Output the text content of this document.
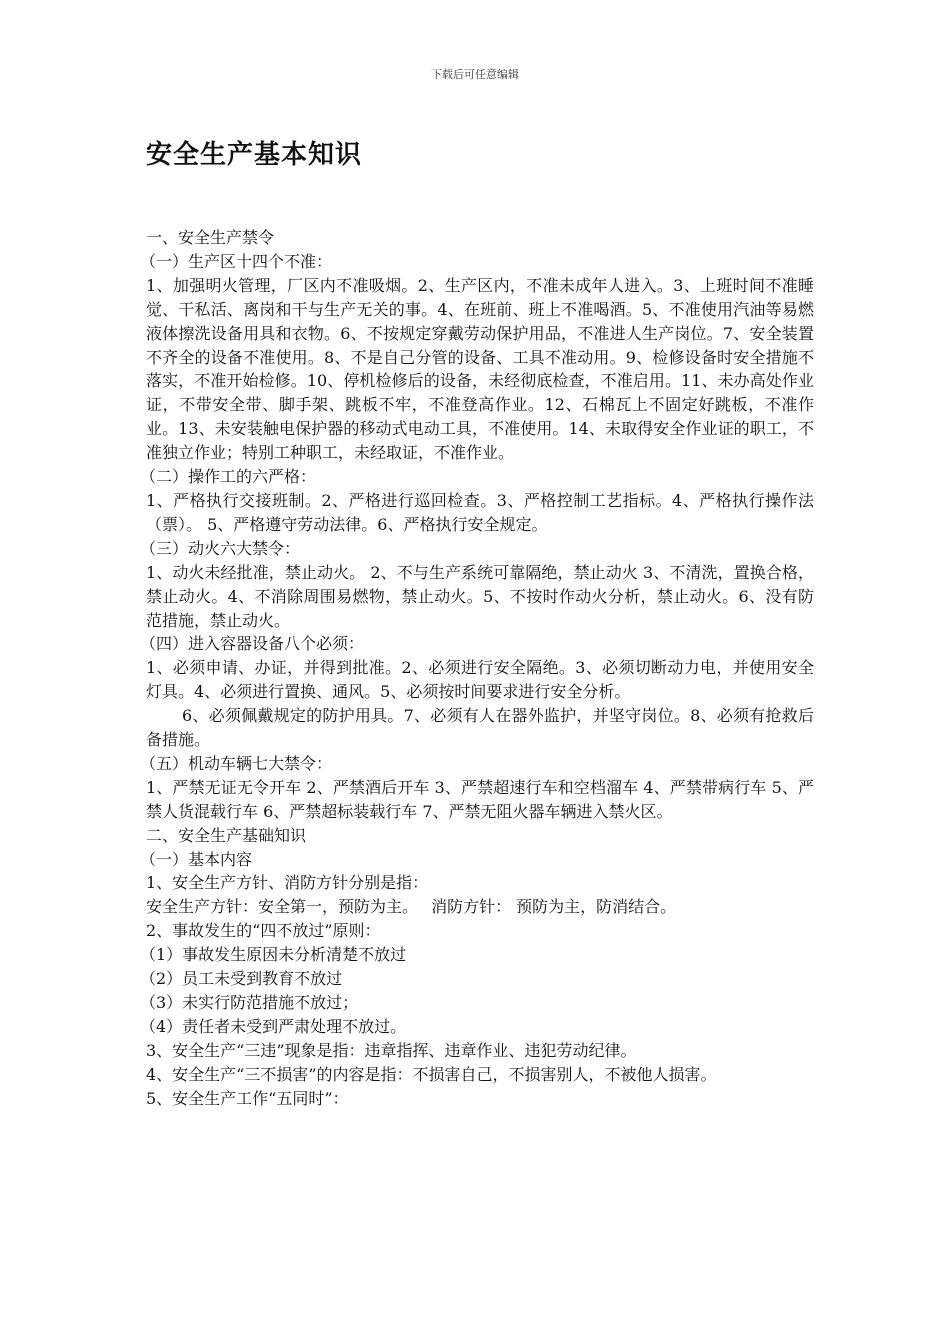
下载后可任意编辑
安全生产基本知识

一、安全生产禁令

（一）生产区十四个不准：

1、加强明火管理，厂区内不准吸烟。2、生产区内，不准未成年人进入。3、上班时间不准睡觉、干私活、离岗和干与生产无关的事。4、在班前、班上不准喝酒。5、不准使用汽油等易燃液体擦洗设备用具和衣物。6、不按规定穿戴劳动保护用品，不准进人生产岗位。7、安全装置不齐全的设备不准使用。8、不是自己分管的设备、工具不准动用。9、检修设备时安全措施不落实，不准开始检修。10、停机检修后的设备，未经彻底检查，不准启用。11、未办高处作业证，不带安全带、脚手架、跳板不牢，不准登高作业。12、石棉瓦上不固定好跳板，不准作业。13、未安装触电保护器的移动式电动工具，不准使用。14、未取得安全作业证的职工，不准独立作业；特别工种职工，未经取证，不准作业。

（二）操作工的六严格：

1、严格执行交接班制。2、严格进行巡回检查。3、严格控制工艺指标。4、严格执行操作法（票）。 5、严格遵守劳动法律。6、严格执行安全规定。

（三）动火六大禁令：

1、动火未经批准，禁止动火。 2、不与生产系统可靠隔绝，禁止动火 3、不清洗，置换合格，禁止动火。4、不消除周围易燃物，禁止动火。5、不按时作动火分析，禁止动火。6、没有防范措施，禁止动火。

（四）进入容器设备八个必须：

1、必须申请、办证，并得到批准。2、必须进行安全隔绝。3、必须切断动力电，并使用安全灯具。4、必须进行置换、通风。5、必须按时间要求进行安全分析。

6、必须佩戴规定的防护用具。7、必须有人在器外监护，并坚守岗位。8、必须有抢救后备措施。

（五）机动车辆七大禁令：

1、严禁无证无令开车 2、严禁酒后开车 3、严禁超速行车和空档溜车 4、严禁带病行车 5、严禁人货混载行车 6、严禁超标装载行车 7、严禁无阻火器车辆进入禁火区。

二、安全生产基础知识

（一）基本内容

1、安全生产方针、消防方针分别是指：

安全生产方针：安全第一，预防为主。　 消防方针： 预防为主，防消结合。

2、事故发生的“四不放过”原则：

（1）事故发生原因未分析清楚不放过

（2）员工未受到教育不放过

（3）未实行防范措施不放过；

（4）责任者未受到严肃处理不放过。

3、安全生产“三违”现象是指：违章指挥、违章作业、违犯劳动纪律。

4、安全生产“三不损害”的内容是指：不损害自己，不损害别人，不被他人损害。

5、安全生产工作“五同时”：
